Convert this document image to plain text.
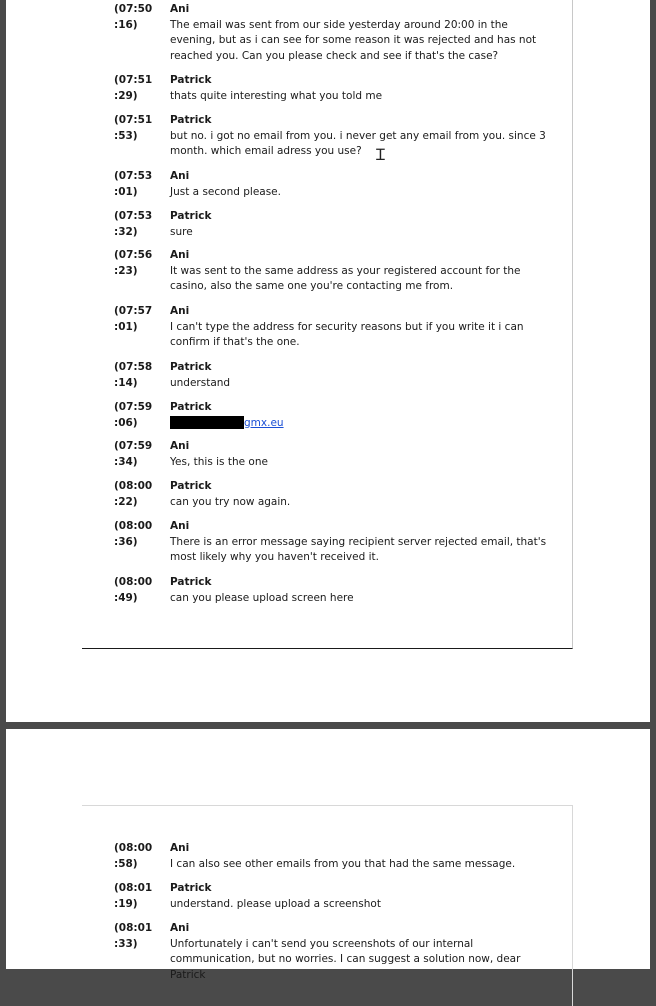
(07:50
:16)
Ani
The email was sent from our side yesterday around 20:00 in the evening, but as i can see for some reason it was rejected and has not reached you. Can you please check and see if that's the case?
(07:51
:29)
Patrick
thats quite interesting what you told me
(07:51
:53)
Patrick
but no. i got no email from you. i never get any email from you. since 3 month. which email adress you use?
(07:53
:01)
Ani
Just a second please.
(07:53
:32)
Patrick
sure
(07:56
:23)
Ani
It was sent to the same address as your registered account for the casino, also the same one you're contacting me from.
(07:57
:01)
Ani
I can't type the address for security reasons but if you write it i can confirm if that's the one.
(07:58
:14)
Patrick
understand
(07:59
:06)
Patrick
gmx.eu
(07:59
:34)
Ani
Yes, this is the one
(08:00
:22)
Patrick
can you try now again.
(08:00
:36)
Ani
There is an error message saying recipient server rejected email, that's most likely why you haven't received it.
(08:00
:49)
Patrick
can you please upload screen here
Ɪ
(08:00
:58)
Ani
I can also see other emails from you that had the same message.
(08:01
:19)
Patrick
understand. please upload a screenshot
(08:01
:33)
Ani
Unfortunately i can't send you screenshots of our internal communication, but no worries. I can suggest a solution now, dear Patrick
